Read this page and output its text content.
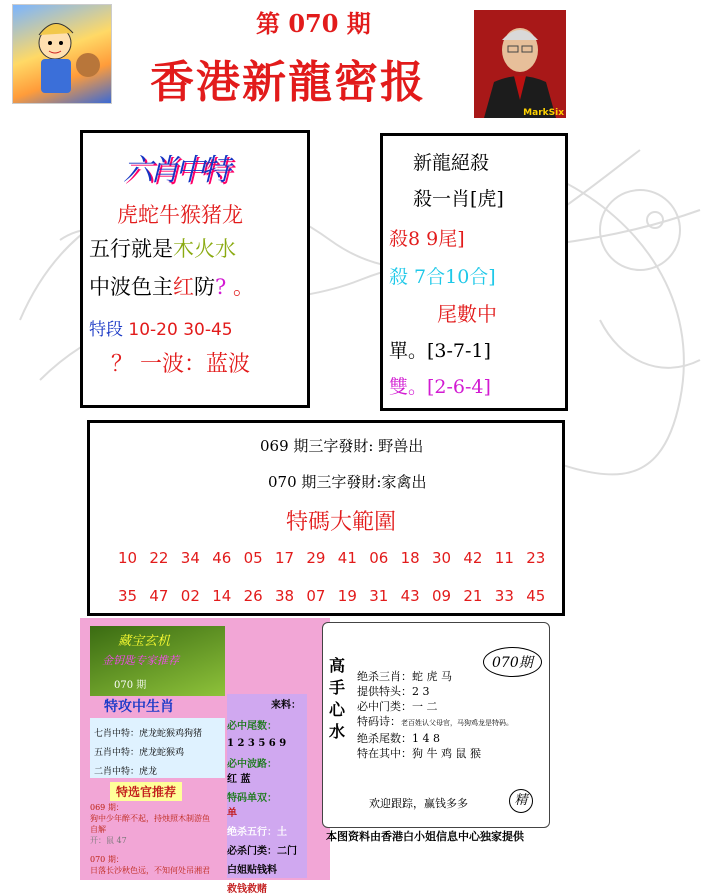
第 070 期
香港新龍密报
MarkSix
六肖中特
虎蛇牛猴猪龙
五行就是木火水
中波色主红防? 。
特段 10-20 30-45
？ 一波：蓝波
新龍絕殺
殺一肖[虎]
殺8 9尾]
殺 7合10合]
尾數中
單。[3-7-1]
雙。[2-6-4]
069 期三字發財: 野兽出
070 期三字發財:家禽出
特碼大範圍
10 22 34 46 05 17 29 41 06 18 30 42 11 23
35 47 02 14 26 38 07 19 31 43 09 21 33 45
藏宝玄机
金钥匙专家推荐
070 期
特攻中生肖
七肖中特：虎龙蛇猴鸡狗猪
五肖中特：虎龙蛇猴鸡
二肖中特：虎龙
特选官推荐
069 期：
狗中少年醉不起，持烛照木制游鱼
自解
开：鼠 47
070 期：
日落长沙秋色远，不知何处吊湘君
来料：
必中尾数：
1 2 3 5 6 9
必中波路：
红 蓝
特码单双：
单
绝杀五行：土
必杀门类：二门
白姐贴钱料
救钱救赌
高
手
心
水
070期
绝杀三肖：蛇 虎 马
提供特头：2 3
必中门类：一 二
特码诗：老百姓认父母官，马狗鸡龙是特码。
绝杀尾数：1 4 8
特在其中：狗 牛 鸡 鼠 猴
欢迎跟踪，赢钱多多	精
本图资料由香港白小姐信息中心独家提供
